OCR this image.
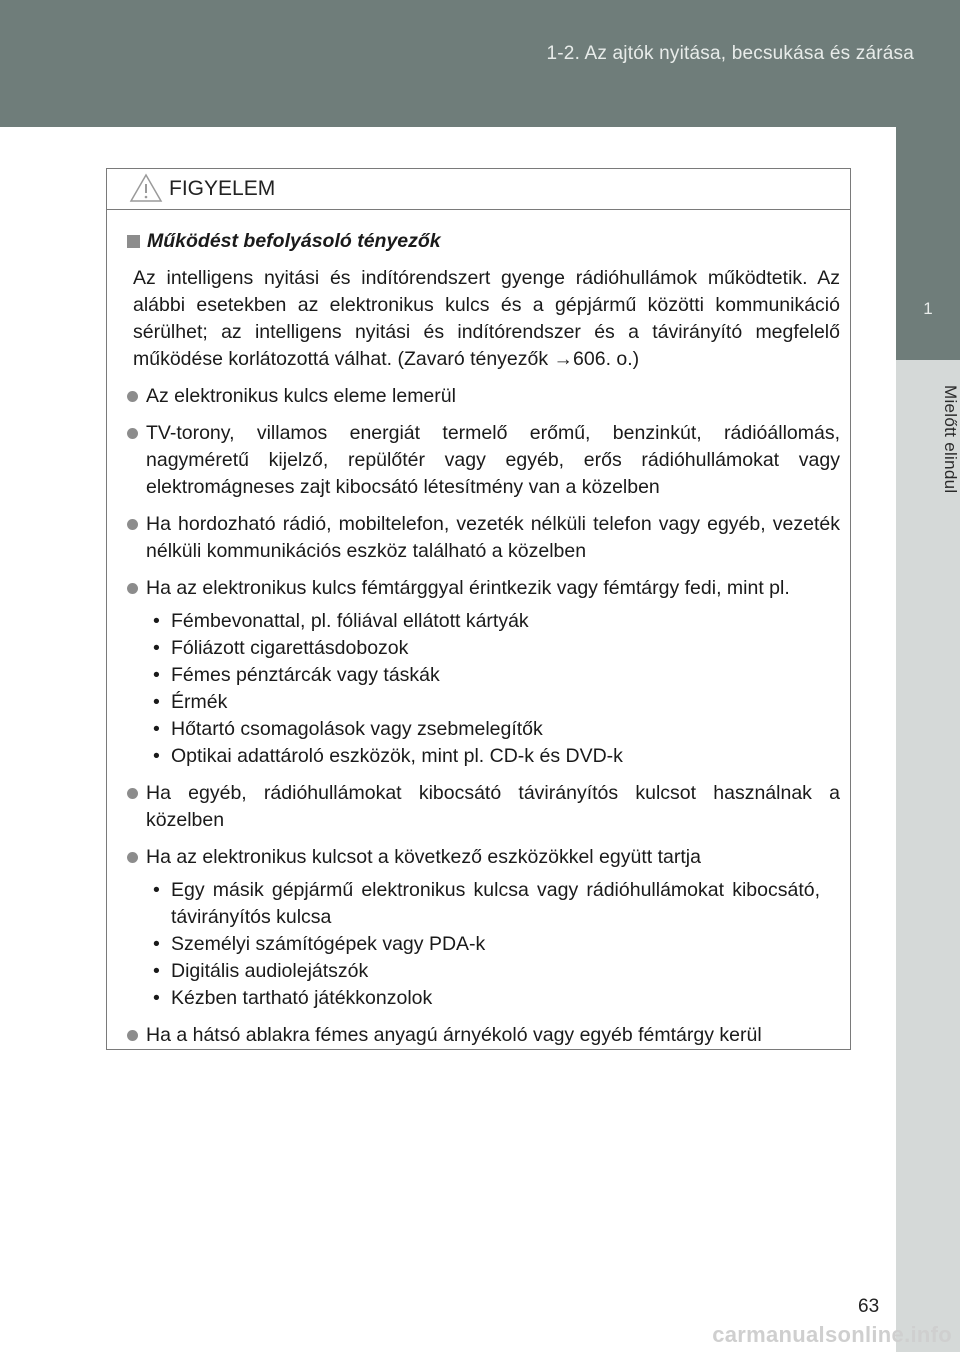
1-2. Az ajtók nyitása, becsukása és zárása
1
Mielőtt elindul
FIGYELEM
Működést befolyásoló tényezők
Az intelligens nyitási és indítórendszert gyenge rádióhullámok működtetik. Az alábbi esetekben az elektronikus kulcs és a gépjármű közötti kommunikáció sérülhet; az intelligens nyitási és indítórendszer és a távirányító megfelelő működése korlátozottá válhat. (Zavaró tényezők →606. o.)
Az elektronikus kulcs eleme lemerül
TV-torony, villamos energiát termelő erőmű, benzinkút, rádióállomás, nagyméretű kijelző, repülőtér vagy egyéb, erős rádióhullámokat vagy elektromágneses zajt kibocsátó létesítmény van a közelben
Ha hordozható rádió, mobiltelefon, vezeték nélküli telefon vagy egyéb, vezeték nélküli kommunikációs eszköz található a közelben
Ha az elektronikus kulcs fémtárggyal érintkezik vagy fémtárgy fedi, mint pl.
• Fémbevonattal, pl. fóliával ellátott kártyák
• Fóliázott cigarettásdobozok
• Fémes pénztárcák vagy táskák
• Érmék
• Hőtartó csomagolások vagy zsebmelegítők
• Optikai adattároló eszközök, mint pl. CD-k és DVD-k
Ha egyéb, rádióhullámokat kibocsátó távirányítós kulcsot használnak a közelben
Ha az elektronikus kulcsot a következő eszközökkel együtt tartja
• Egy másik gépjármű elektronikus kulcsa vagy rádióhullámokat kibocsátó, távirányítós kulcsa
• Személyi számítógépek vagy PDA-k
• Digitális audiolejátszók
• Kézben tartható játékkonzolok
Ha a hátsó ablakra fémes anyagú árnyékoló vagy egyéb fémtárgy kerül
63
carmanualsonline.info
